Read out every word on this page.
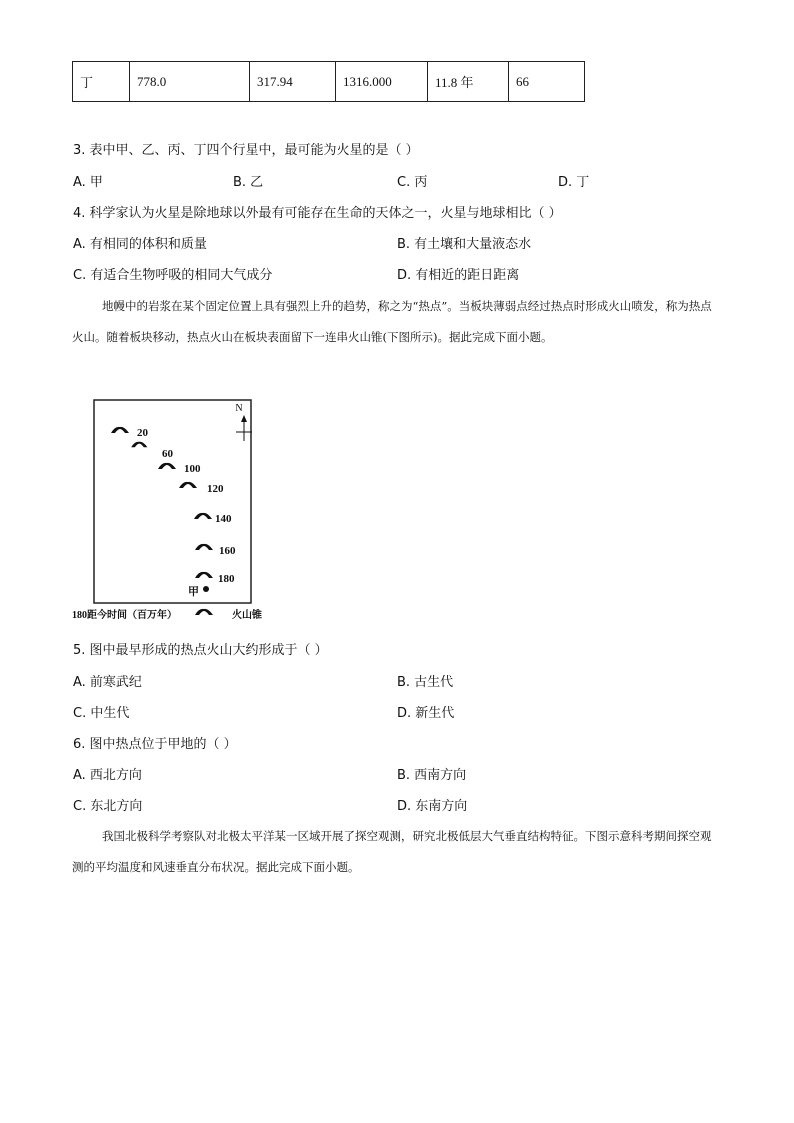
丁	778.0	317.94	1316.000	11.8 年	66
3. 表中甲、乙、丙、丁四个行星中，最可能为火星的是（ ）
A. 甲	B. 乙	C. 丙	D. 丁
4. 科学家认为火星是除地球以外最有可能存在生命的天体之一，火星与地球相比（ ）
A. 有相同的体积和质量	B. 有土壤和大量液态水
C. 有适合生物呼吸的相同大气成分	D. 有相近的距日距离
地幔中的岩浆在某个固定位置上具有强烈上升的趋势，称之为“热点”。当板块薄弱点经过热点时形成火山喷发，称为热点火山。随着板块移动，热点火山在板块表面留下一连串火山锥(下图所示)。据此完成下面小题。
N
20
60
100
120
140
160
180
甲
180距今时间（百万年）	火山锥
5. 图中最早形成的热点火山大约形成于（ ）
A. 前寒武纪	B. 古生代
C. 中生代	D. 新生代
6. 图中热点位于甲地的（ ）
A. 西北方向	B. 西南方向
C. 东北方向	D. 东南方向
我国北极科学考察队对北极太平洋某一区域开展了探空观测，研究北极低层大气垂直结构特征。下图示意科考期间探空观测的平均温度和风速垂直分布状况。据此完成下面小题。
